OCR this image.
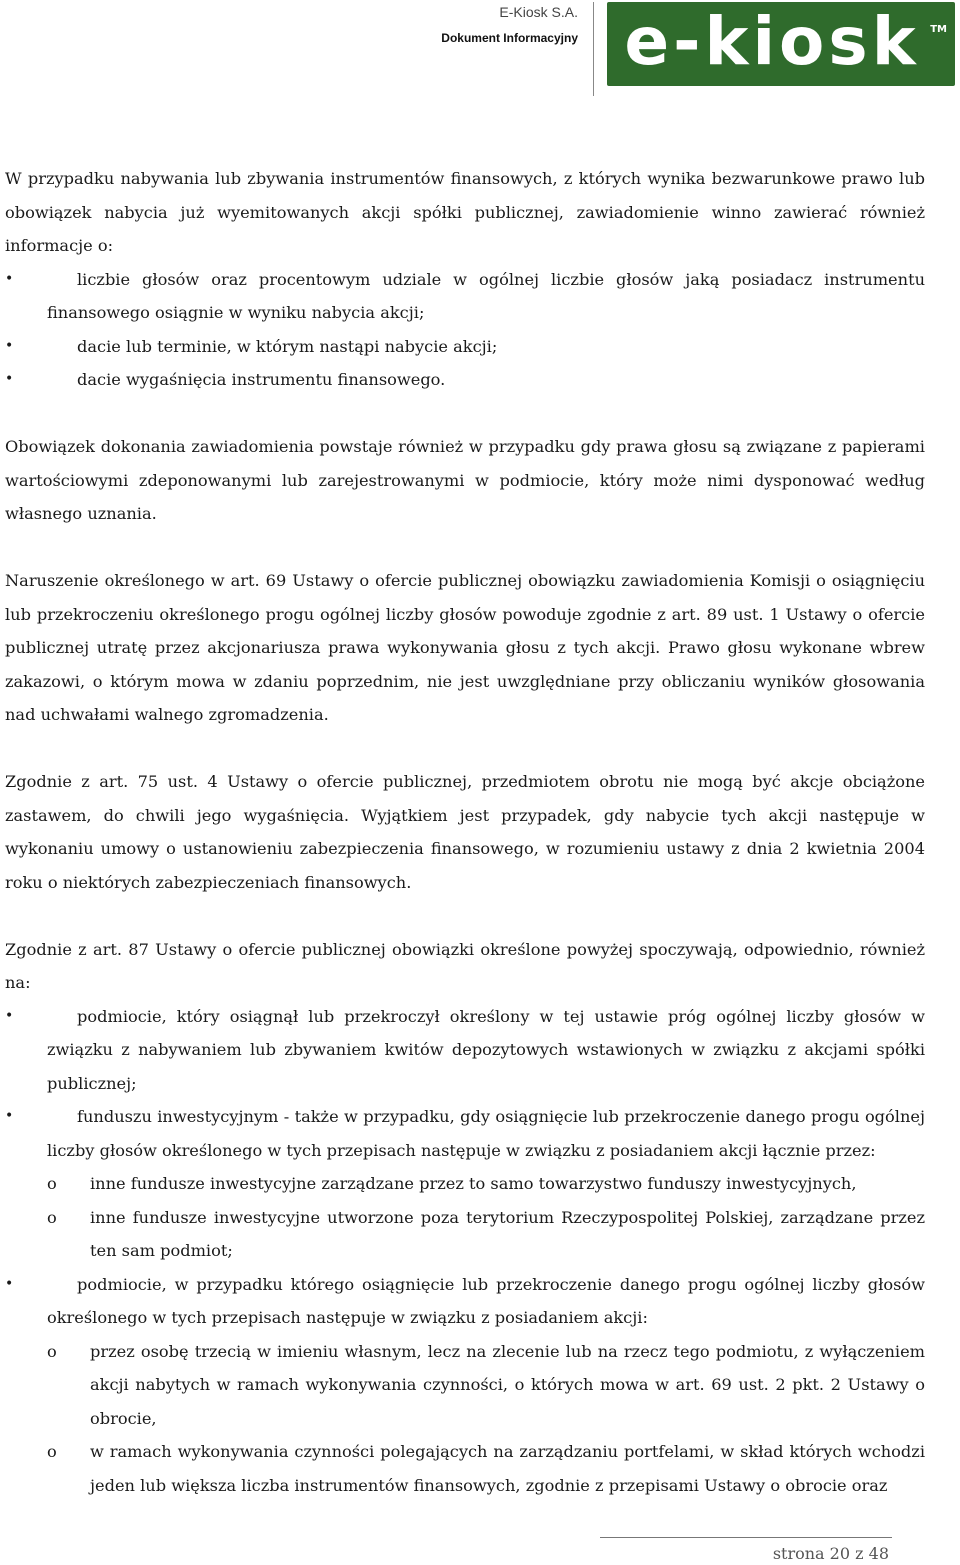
E-Kiosk S.A.
Dokument Informacyjny e-kiosk	TM

W przypadku nabywania lub zbywania instrumentów finansowych, z których wynika bezwarunkowe prawo lub obowiązek nabycia już wyemitowanych akcji spółki publicznej, zawiadomienie winno zawierać również informacje o:

•	liczbie głosów oraz procentowym udziale w ogólnej liczbie głosów jaką posiadacz instrumentu finansowego osiągnie w wyniku nabycia akcji;
•	dacie lub terminie, w którym nastąpi nabycie akcji;
•	dacie wygaśnięcia instrumentu finansowego.

Obowiązek dokonania zawiadomienia powstaje również w przypadku gdy prawa głosu są związane z papierami wartościowymi zdeponowanymi lub zarejestrowanymi w podmiocie, który może nimi dysponować według własnego uznania.

Naruszenie określonego w art. 69 Ustawy o ofercie publicznej obowiązku zawiadomienia Komisji o osiągnięciu lub przekroczeniu określonego progu ogólnej liczby głosów powoduje zgodnie z art. 89 ust. 1 Ustawy o ofercie publicznej utratę przez akcjonariusza prawa wykonywania głosu z tych akcji. Prawo głosu wykonane wbrew zakazowi, o którym mowa w zdaniu poprzednim, nie jest uwzględniane przy obliczaniu wyników głosowania nad uchwałami walnego zgromadzenia.

Zgodnie z art. 75 ust. 4 Ustawy o ofercie publicznej, przedmiotem obrotu nie mogą być akcje obciążone zastawem, do chwili jego wygaśnięcia. Wyjątkiem jest przypadek, gdy nabycie tych akcji następuje w wykonaniu umowy o ustanowieniu zabezpieczenia finansowego, w rozumieniu ustawy z dnia 2 kwietnia 2004 roku o niektórych zabezpieczeniach finansowych.

Zgodnie z art. 87 Ustawy o ofercie publicznej obowiązki określone powyżej spoczywają, odpowiednio, również na:

•	podmiocie, który osiągnął lub przekroczył określony w tej ustawie próg ogólnej liczby głosów w związku z nabywaniem lub zbywaniem kwitów depozytowych wstawionych w związku z akcjami spółki publicznej;
•	funduszu inwestycyjnym - także w przypadku, gdy osiągnięcie lub przekroczenie danego progu ogólnej liczby głosów określonego w tych przepisach następuje w związku z posiadaniem akcji łącznie przez:
o	inne fundusze inwestycyjne zarządzane przez to samo towarzystwo funduszy inwestycyjnych,
o	inne fundusze inwestycyjne utworzone poza terytorium Rzeczypospolitej Polskiej, zarządzane przez ten sam podmiot;
•	podmiocie, w przypadku którego osiągnięcie lub przekroczenie danego progu ogólnej liczby głosów określonego w tych przepisach następuje w związku z posiadaniem akcji:
o	przez osobę trzecią w imieniu własnym, lecz na zlecenie lub na rzecz tego podmiotu, z wyłączeniem akcji nabytych w ramach wykonywania czynności, o których mowa w art. 69 ust. 2 pkt. 2 Ustawy o obrocie,
o	w ramach wykonywania czynności polegających na zarządzaniu portfelami, w skład których wchodzi jeden lub większa liczba instrumentów finansowych, zgodnie z przepisami Ustawy o obrocie oraz
strona 20 z 48
